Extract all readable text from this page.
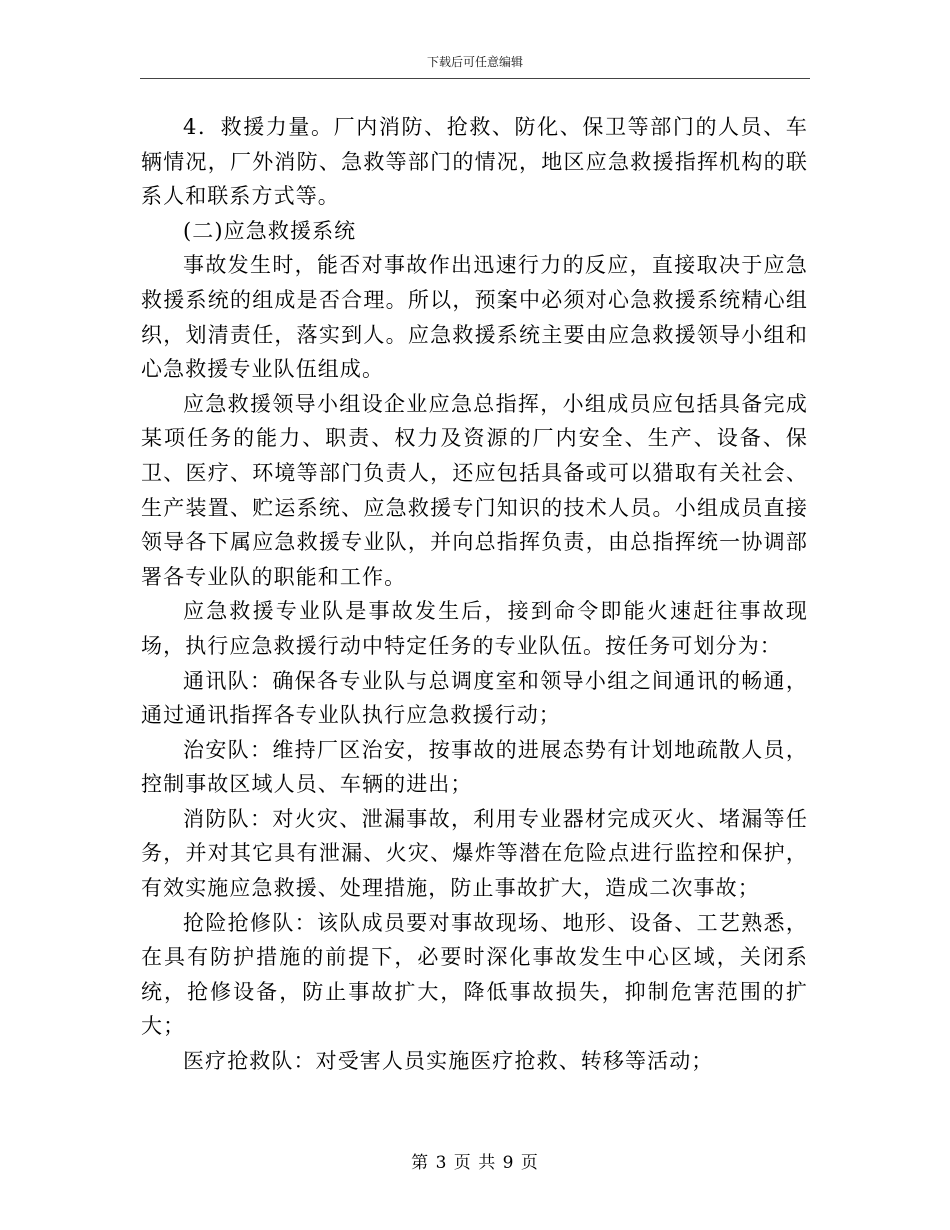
下载后可任意编辑

4．救援力量。厂内消防、抢救、防化、保卫等部门的人员、车辆情况，厂外消防、急救等部门的情况，地区应急救援指挥机构的联系人和联系方式等。

(二)应急救援系统

事故发生时，能否对事故作出迅速行力的反应，直接取决于应急救援系统的组成是否合理。所以，预案中必须对心急救援系统精心组织，划清责任，落实到人。应急救援系统主要由应急救援领导小组和心急救援专业队伍组成。

应急救援领导小组设企业应急总指挥，小组成员应包括具备完成某项任务的能力、职责、权力及资源的厂内安全、生产、设备、保卫、医疗、环境等部门负责人，还应包括具备或可以猎取有关社会、生产装置、贮运系统、应急救援专门知识的技术人员。小组成员直接领导各下属应急救援专业队，并向总指挥负责，由总指挥统一协调部署各专业队的职能和工作。

应急救援专业队是事故发生后，接到命令即能火速赶往事故现场，执行应急救援行动中特定任务的专业队伍。按任务可划分为：

通讯队：确保各专业队与总调度室和领导小组之间通讯的畅通，通过通讯指挥各专业队执行应急救援行动；

治安队：维持厂区治安，按事故的进展态势有计划地疏散人员，控制事故区域人员、车辆的进出；

消防队：对火灾、泄漏事故，利用专业器材完成灭火、堵漏等任务，并对其它具有泄漏、火灾、爆炸等潜在危险点进行监控和保护，有效实施应急救援、处理措施，防止事故扩大，造成二次事故；

抢险抢修队：该队成员要对事故现场、地形、设备、工艺熟悉，在具有防护措施的前提下，必要时深化事故发生中心区域，关闭系统，抢修设备，防止事故扩大，降低事故损失，抑制危害范围的扩大；

医疗抢救队：对受害人员实施医疗抢救、转移等活动；

第 3 页 共 9 页
